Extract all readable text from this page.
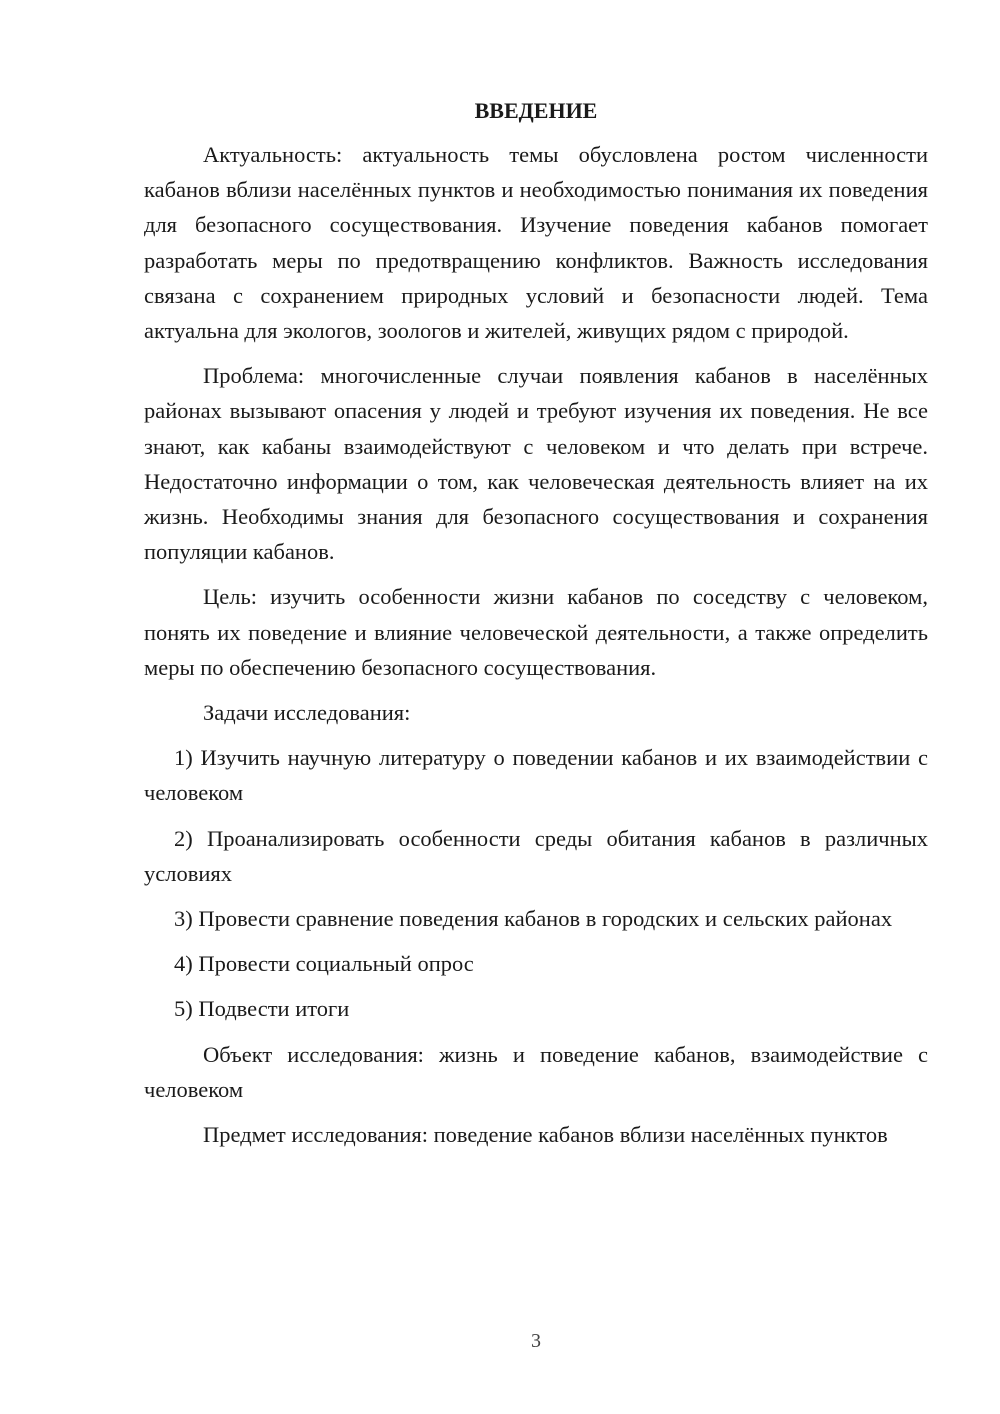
ВВЕДЕНИЕ

Актуальность: актуальность темы обусловлена ростом численности кабанов вблизи населённых пунктов и необходимостью понимания их поведения для безопасного сосуществования. Изучение поведения кабанов помогает разработать меры по предотвращению конфликтов. Важность исследования связана с сохранением природных условий и безопасности людей. Тема актуальна для экологов, зоологов и жителей, живущих рядом с природой.

Проблема: многочисленные случаи появления кабанов в населённых районах вызывают опасения у людей и требуют изучения их поведения. Не все знают, как кабаны взаимодействуют с человеком и что делать при встрече. Недостаточно информации о том, как человеческая деятельность влияет на их жизнь. Необходимы знания для безопасного сосуществования и сохранения популяции кабанов.

Цель: изучить особенности жизни кабанов по соседству с человеком, понять их поведение и влияние человеческой деятельности, а также определить меры по обеспечению безопасного сосуществования.

Задачи исследования:

1) Изучить научную литературу о поведении кабанов и их взаимодействии с человеком

2) Проанализировать особенности среды обитания кабанов в различных условиях

3) Провести сравнение поведения кабанов в городских и сельских районах

4) Провести социальный опрос

5) Подвести итоги

Объект исследования: жизнь и поведение кабанов, взаимодействие с человеком

Предмет исследования: поведение кабанов вблизи населённых пунктов

3
